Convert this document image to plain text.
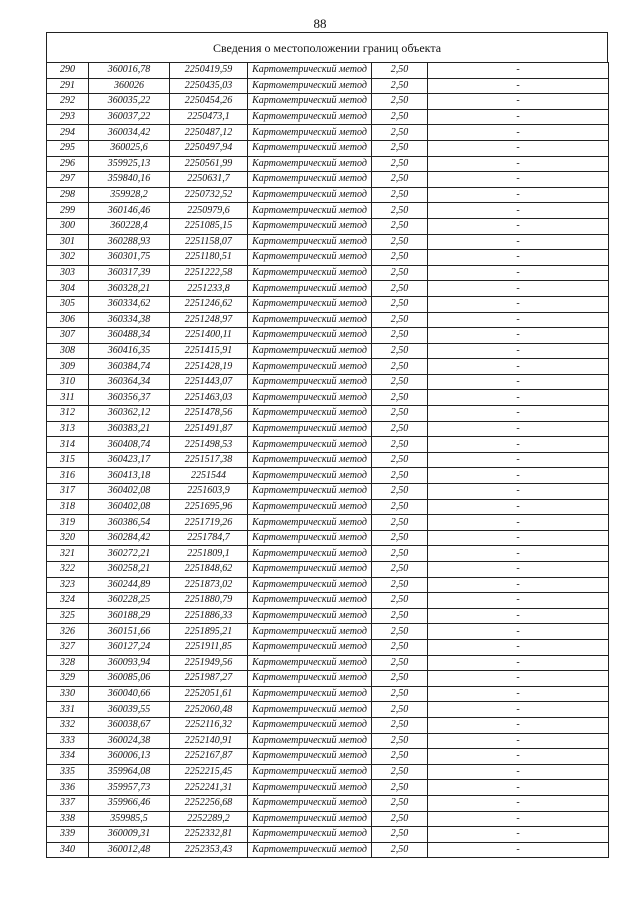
88
Сведения о местоположении границ объекта
290	360016,78	2250419,59	Картометрический метод	2,50	-
291	360026	2250435,03	Картометрический метод	2,50	-
292	360035,22	2250454,26	Картометрический метод	2,50	-
293	360037,22	2250473,1	Картометрический метод	2,50	-
294	360034,42	2250487,12	Картометрический метод	2,50	-
295	360025,6	2250497,94	Картометрический метод	2,50	-
296	359925,13	2250561,99	Картометрический метод	2,50	-
297	359840,16	2250631,7	Картометрический метод	2,50	-
298	359928,2	2250732,52	Картометрический метод	2,50	-
299	360146,46	2250979,6	Картометрический метод	2,50	-
300	360228,4	2251085,15	Картометрический метод	2,50	-
301	360288,93	2251158,07	Картометрический метод	2,50	-
302	360301,75	2251180,51	Картометрический метод	2,50	-
303	360317,39	2251222,58	Картометрический метод	2,50	-
304	360328,21	2251233,8	Картометрический метод	2,50	-
305	360334,62	2251246,62	Картометрический метод	2,50	-
306	360334,38	2251248,97	Картометрический метод	2,50	-
307	360488,34	2251400,11	Картометрический метод	2,50	-
308	360416,35	2251415,91	Картометрический метод	2,50	-
309	360384,74	2251428,19	Картометрический метод	2,50	-
310	360364,34	2251443,07	Картометрический метод	2,50	-
311	360356,37	2251463,03	Картометрический метод	2,50	-
312	360362,12	2251478,56	Картометрический метод	2,50	-
313	360383,21	2251491,87	Картометрический метод	2,50	-
314	360408,74	2251498,53	Картометрический метод	2,50	-
315	360423,17	2251517,38	Картометрический метод	2,50	-
316	360413,18	2251544	Картометрический метод	2,50	-
317	360402,08	2251603,9	Картометрический метод	2,50	-
318	360402,08	2251695,96	Картометрический метод	2,50	-
319	360386,54	2251719,26	Картометрический метод	2,50	-
320	360284,42	2251784,7	Картометрический метод	2,50	-
321	360272,21	2251809,1	Картометрический метод	2,50	-
322	360258,21	2251848,62	Картометрический метод	2,50	-
323	360244,89	2251873,02	Картометрический метод	2,50	-
324	360228,25	2251880,79	Картометрический метод	2,50	-
325	360188,29	2251886,33	Картометрический метод	2,50	-
326	360151,66	2251895,21	Картометрический метод	2,50	-
327	360127,24	2251911,85	Картометрический метод	2,50	-
328	360093,94	2251949,56	Картометрический метод	2,50	-
329	360085,06	2251987,27	Картометрический метод	2,50	-
330	360040,66	2252051,61	Картометрический метод	2,50	-
331	360039,55	2252060,48	Картометрический метод	2,50	-
332	360038,67	2252116,32	Картометрический метод	2,50	-
333	360024,38	2252140,91	Картометрический метод	2,50	-
334	360006,13	2252167,87	Картометрический метод	2,50	-
335	359964,08	2252215,45	Картометрический метод	2,50	-
336	359957,73	2252241,31	Картометрический метод	2,50	-
337	359966,46	2252256,68	Картометрический метод	2,50	-
338	359985,5	2252289,2	Картометрический метод	2,50	-
339	360009,31	2252332,81	Картометрический метод	2,50	-
340	360012,48	2252353,43	Картометрический метод	2,50	-
